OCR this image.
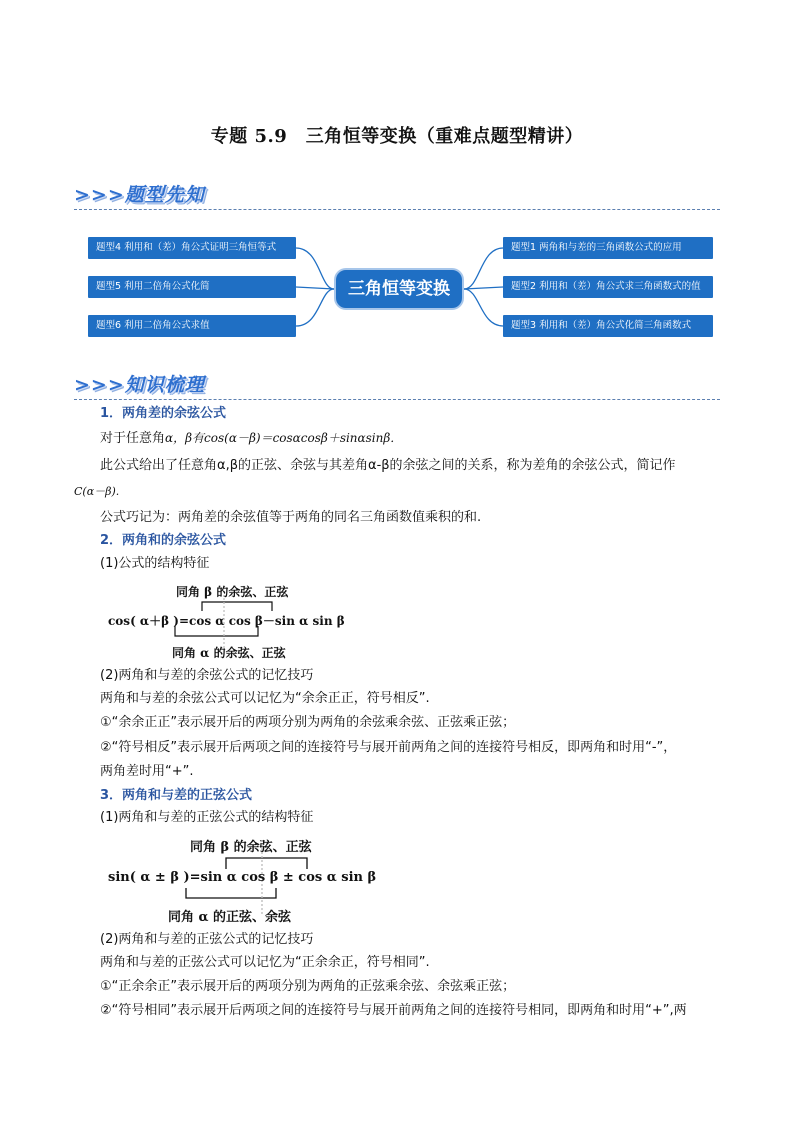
专题 5.9　三角恒等变换（重难点题型精讲）
>>>题型先知
题型4 利用和（差）角公式证明三角恒等式
题型5 利用二倍角公式化简
题型6 利用二倍角公式求值
三角恒等变换
题型1 两角和与差的三角函数公式的应用
题型2 利用和（差）角公式求三角函数式的值
题型3 利用和（差）角公式化简三角函数式
>>>知识梳理
1．两角差的余弦公式
对于任意角α，β有cos(α－β)＝cosαcosβ＋sinαsinβ．
此公式给出了任意角α,β的正弦、余弦与其差角α-β的余弦之间的关系，称为差角的余弦公式，简记作
C(α－β).
公式巧记为：两角差的余弦值等于两角的同名三角函数值乘积的和.
2．两角和的余弦公式
(1)公式的结构特征
同角 β 的余弦、正弦
cos( α＋β )=cos α cos β－sin α sin β
同角 α 的余弦、正弦
(2)两角和与差的余弦公式的记忆技巧
两角和与差的余弦公式可以记忆为“余余正正，符号相反”.
①“余余正正”表示展开后的两项分别为两角的余弦乘余弦、正弦乘正弦；
②“符号相反”表示展开后两项之间的连接符号与展开前两角之间的连接符号相反，即两角和时用“-”，
两角差时用“+”.
3．两角和与差的正弦公式
(1)两角和与差的正弦公式的结构特征
同角 β 的余弦、正弦
sin( α ± β )=sin α cos β ± cos α sin β
同角 α 的正弦、余弦
(2)两角和与差的正弦公式的记忆技巧
两角和与差的正弦公式可以记忆为“正余余正，符号相同”.
①“正余余正”表示展开后的两项分别为两角的正弦乘余弦、余弦乘正弦；
②“符号相同”表示展开后两项之间的连接符号与展开前两角之间的连接符号相同，即两角和时用“+”,两
